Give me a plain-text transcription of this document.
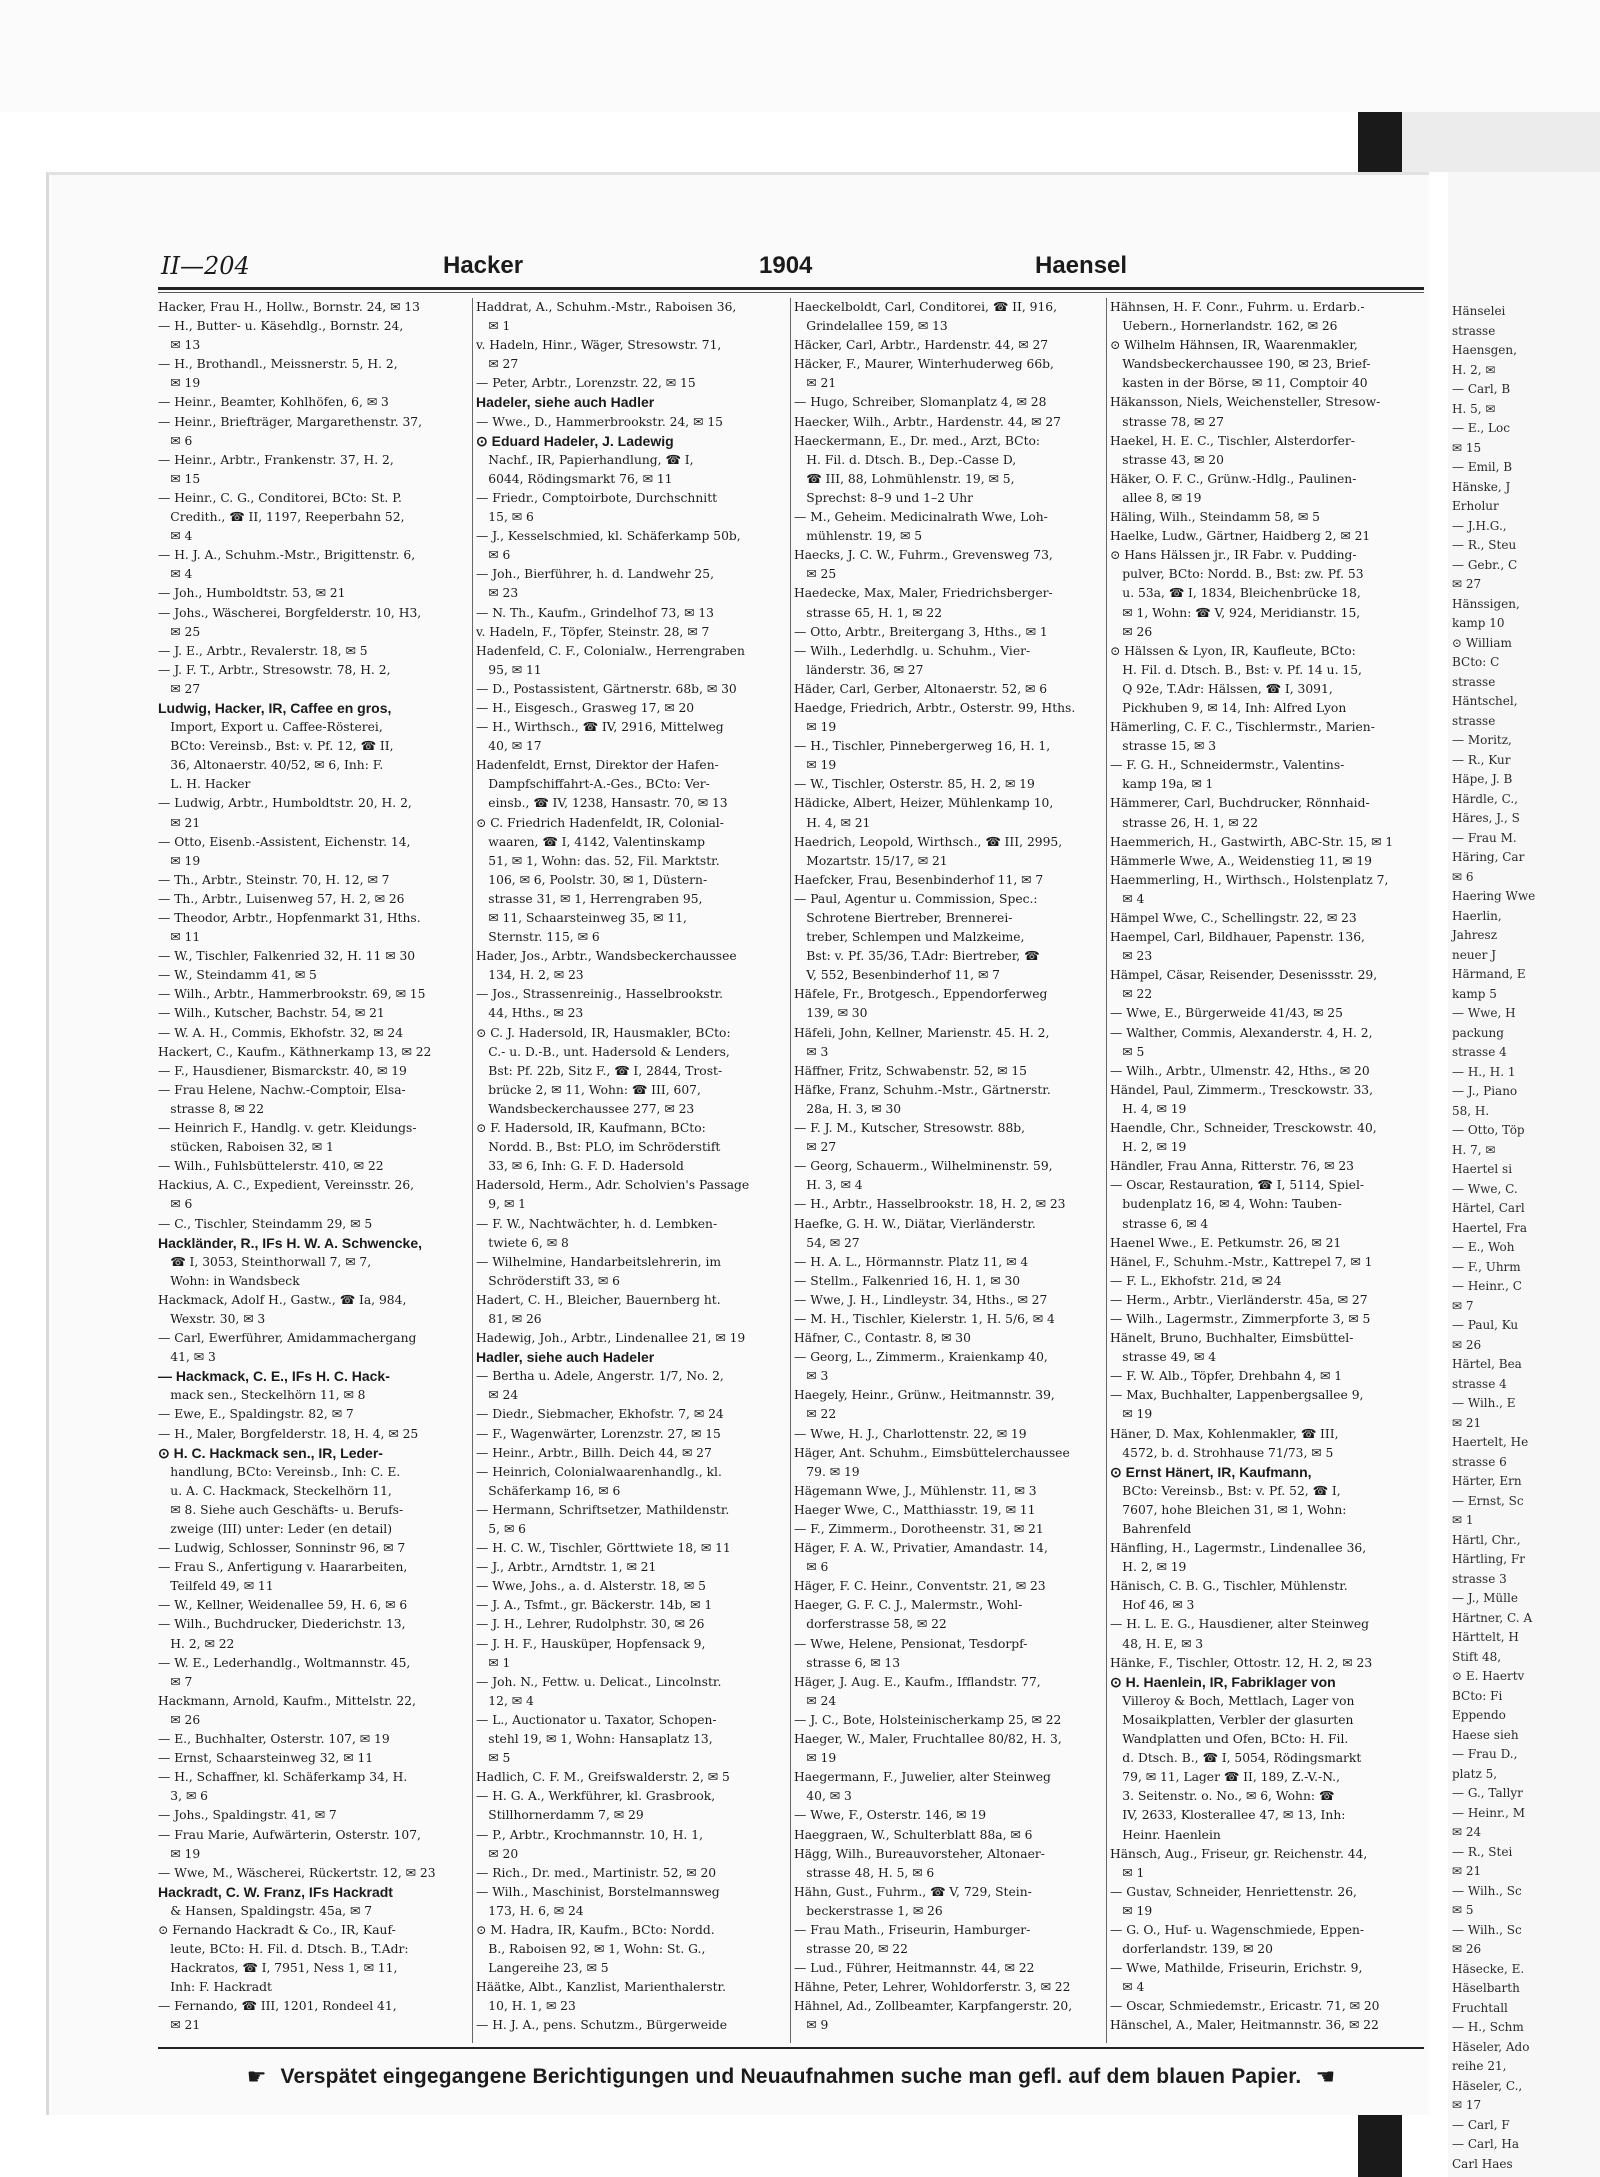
Hänselei
strasse
Haensgen,
H. 2, ✉
— Carl, B
H. 5, ✉
— E., Loc
✉ 15
— Emil, B
Hänske, J
Erholur
— J.H.G.,
— R., Steu
— Gebr., C
✉ 27
Hänssigen,
kamp 10
⊙ William
BCto: C
strasse
Häntschel,
strasse
— Moritz,
— R., Kur
Häpe, J. B
Härdle, C.,
Häres, J., S
— Frau M.
Häring, Car
✉ 6
Haering Wwe
Haerlin,
Jahresz
neuer J
Härmand, E
kamp 5
— Wwe, H
packung
strasse 4
— H., H. 1
— J., Piano
58, H.
— Otto, Töp
H. 7, ✉
Haertel si
— Wwe, C.
Härtel, Carl
Haertel, Fra
— E., Woh
— F., Uhrm
— Heinr., C
✉ 7
— Paul, Ku
✉ 26
Härtel, Bea
strasse 4
— Wilh., E
✉ 21
Haertelt, He
strasse 6
Härter, Ern
— Ernst, Sc
✉ 1
Härtl, Chr.,
Härtling, Fr
strasse 3
— J., Mülle
Härtner, C. A
Härttelt, H
Stift 48,
⊙ E. Haertv
BCto: Fi
Eppendo
Haese sieh
— Frau D.,
platz 5,
— G., Tallyr
— Heinr., M
✉ 24
— R., Stei
✉ 21
— Wilh., Sc
✉ 5
— Wilh., Sc
✉ 26
Häsecke, E.
Häselbarth
Fruchtall
— H., Schm
Häseler, Ado
reihe 21,
Häseler, C.,
✉ 17
— Carl, F
— Carl, Ha
Carl Haes
II—204	Hacker	1904	Haensel
Hacker, Frau H., Hollw., Bornstr. 24, ✉ 13
— H., Butter- u. Käsehdlg., Bornstr. 24,
 ✉ 13
— H., Brothandl., Meissnerstr. 5, H. 2,
 ✉ 19
— Heinr., Beamter, Kohlhöfen, 6, ✉ 3
— Heinr., Briefträger, Margarethenstr. 37,
 ✉ 6
— Heinr., Arbtr., Frankenstr. 37, H. 2,
 ✉ 15
— Heinr., C. G., Conditorei, BCto: St. P.
 Credith., ☎ II, 1197, Reeperbahn 52,
 ✉ 4
— H. J. A., Schuhm.-Mstr., Brigittenstr. 6,
 ✉ 4
— Joh., Humboldtstr. 53, ✉ 21
— Johs., Wäscherei, Borgfelderstr. 10, H3,
 ✉ 25
— J. E., Arbtr., Revalerstr. 18, ✉ 5
— J. F. T., Arbtr., Stresowstr. 78, H. 2,
 ✉ 27
Ludwig, Hacker, IR, Caffee en gros,
 Import, Export u. Caffee-Rösterei,
 BCto: Vereinsb., Bst: v. Pf. 12, ☎ II,
 36, Altonaerstr. 40/52, ✉ 6, Inh: F.
 L. H. Hacker
— Ludwig, Arbtr., Humboldtstr. 20, H. 2,
 ✉ 21
— Otto, Eisenb.-Assistent, Eichenstr. 14,
 ✉ 19
— Th., Arbtr., Steinstr. 70, H. 12, ✉ 7
— Th., Arbtr., Luisenweg 57, H. 2, ✉ 26
— Theodor, Arbtr., Hopfenmarkt 31, Hths.
 ✉ 11
— W., Tischler, Falkenried 32, H. 11 ✉ 30
— W., Steindamm 41, ✉ 5
— Wilh., Arbtr., Hammerbrookstr. 69, ✉ 15
— Wilh., Kutscher, Bachstr. 54, ✉ 21
— W. A. H., Commis, Ekhofstr. 32, ✉ 24
Hackert, C., Kaufm., Käthnerkamp 13, ✉ 22
— F., Hausdiener, Bismarckstr. 40, ✉ 19
— Frau Helene, Nachw.-Comptoir, Elsa-
 strasse 8, ✉ 22
— Heinrich F., Handlg. v. getr. Kleidungs-
 stücken, Raboisen 32, ✉ 1
— Wilh., Fuhlsbüttelerstr. 410, ✉ 22
Hackius, A. C., Expedient, Vereinsstr. 26,
 ✉ 6
— C., Tischler, Steindamm 29, ✉ 5
Hackländer, R., IFs H. W. A. Schwencke,
 ☎ I, 3053, Steinthorwall 7, ✉ 7,
 Wohn: in Wandsbeck
Hackmack, Adolf H., Gastw., ☎ Ia, 984,
 Wexstr. 30, ✉ 3
— Carl, Ewerführer, Amidammachergang
 41, ✉ 3
— Hackmack, C. E., IFs H. C. Hack-
 mack sen., Steckelhörn 11, ✉ 8
— Ewe, E., Spaldingstr. 82, ✉ 7
— H., Maler, Borgfelderstr. 18, H. 4, ✉ 25
⊙ H. C. Hackmack sen., IR, Leder-
 handlung, BCto: Vereinsb., Inh: C. E.
 u. A. C. Hackmack, Steckelhörn 11,
 ✉ 8. Siehe auch Geschäfts- u. Berufs-
 zweige (III) unter: Leder (en detail)
— Ludwig, Schlosser, Sonninstr 96, ✉ 7
— Frau S., Anfertigung v. Haararbeiten,
 Teilfeld 49, ✉ 11
— W., Kellner, Weidenallee 59, H. 6, ✉ 6
— Wilh., Buchdrucker, Diederichstr. 13,
 H. 2, ✉ 22
— W. E., Lederhandlg., Woltmannstr. 45,
 ✉ 7
Hackmann, Arnold, Kaufm., Mittelstr. 22,
 ✉ 26
— E., Buchhalter, Osterstr. 107, ✉ 19
— Ernst, Schaarsteinweg 32, ✉ 11
— H., Schaffner, kl. Schäferkamp 34, H.
 3, ✉ 6
— Johs., Spaldingstr. 41, ✉ 7
— Frau Marie, Aufwärterin, Osterstr. 107,
 ✉ 19
— Wwe, M., Wäscherei, Rückertstr. 12, ✉ 23
Hackradt, C. W. Franz, IFs Hackradt
 & Hansen, Spaldingstr. 45a, ✉ 7
⊙ Fernando Hackradt & Co., IR, Kauf-
 leute, BCto: H. Fil. d. Dtsch. B., T.Adr:
 Hackratos, ☎ I, 7951, Ness 1, ✉ 11,
 Inh: F. Hackradt
— Fernando, ☎ III, 1201, Rondeel 41,
 ✉ 21
Haddrat, A., Schuhm.-Mstr., Raboisen 36,
 ✉ 1
v. Hadeln, Hinr., Wäger, Stresowstr. 71,
 ✉ 27
— Peter, Arbtr., Lorenzstr. 22, ✉ 15
Hadeler, siehe auch Hadler
— Wwe., D., Hammerbrookstr. 24, ✉ 15
⊙ Eduard Hadeler, J. Ladewig
 Nachf., IR, Papierhandlung, ☎ I,
 6044, Rödingsmarkt 76, ✉ 11
— Friedr., Comptoirbote, Durchschnitt
 15, ✉ 6
— J., Kesselschmied, kl. Schäferkamp 50b,
 ✉ 6
— Joh., Bierführer, h. d. Landwehr 25,
 ✉ 23
— N. Th., Kaufm., Grindelhof 73, ✉ 13
v. Hadeln, F., Töpfer, Steinstr. 28, ✉ 7
Hadenfeld, C. F., Colonialw., Herrengraben
 95, ✉ 11
— D., Postassistent, Gärtnerstr. 68b, ✉ 30
— H., Eisgesch., Grasweg 17, ✉ 20
— H., Wirthsch., ☎ IV, 2916, Mittelweg
 40, ✉ 17
Hadenfeldt, Ernst, Direktor der Hafen-
 Dampfschiffahrt-A.-Ges., BCto: Ver-
 einsb., ☎ IV, 1238, Hansastr. 70, ✉ 13
⊙ C. Friedrich Hadenfeldt, IR, Colonial-
 waaren, ☎ I, 4142, Valentinskamp
 51, ✉ 1, Wohn: das. 52, Fil. Marktstr.
 106, ✉ 6, Poolstr. 30, ✉ 1, Düstern-
 strasse 31, ✉ 1, Herrengraben 95,
 ✉ 11, Schaarsteinweg 35, ✉ 11,
 Sternstr. 115, ✉ 6
Hader, Jos., Arbtr., Wandsbeckerchaussee
 134, H. 2, ✉ 23
— Jos., Strassenreinig., Hasselbrookstr.
 44, Hths., ✉ 23
⊙ C. J. Hadersold, IR, Hausmakler, BCto:
 C.- u. D.-B., unt. Hadersold & Lenders,
 Bst: Pf. 22b, Sitz F., ☎ I, 2844, Trost-
 brücke 2, ✉ 11, Wohn: ☎ III, 607,
 Wandsbeckerchaussee 277, ✉ 23
⊙ F. Hadersold, IR, Kaufmann, BCto:
 Nordd. B., Bst: PLO, im Schröderstift
 33, ✉ 6, Inh: G. F. D. Hadersold
Hadersold, Herm., Adr. Scholvien's Passage
 9, ✉ 1
— F. W., Nachtwächter, h. d. Lembken-
 twiete 6, ✉ 8
— Wilhelmine, Handarbeitslehrerin, im
 Schröderstift 33, ✉ 6
Hadert, C. H., Bleicher, Bauernberg ht.
 81, ✉ 26
Hadewig, Joh., Arbtr., Lindenallee 21, ✉ 19
Hadler, siehe auch Hadeler
— Bertha u. Adele, Angerstr. 1/7, No. 2,
 ✉ 24
— Diedr., Siebmacher, Ekhofstr. 7, ✉ 24
— F., Wagenwärter, Lorenzstr. 27, ✉ 15
— Heinr., Arbtr., Billh. Deich 44, ✉ 27
— Heinrich, Colonialwaarenhandlg., kl.
 Schäferkamp 16, ✉ 6
— Hermann, Schriftsetzer, Mathildenstr.
 5, ✉ 6
— H. C. W., Tischler, Görttwiete 18, ✉ 11
— J., Arbtr., Arndtstr. 1, ✉ 21
— Wwe, Johs., a. d. Alsterstr. 18, ✉ 5
— J. A., Tsfmt., gr. Bäckerstr. 14b, ✉ 1
— J. H., Lehrer, Rudolphstr. 30, ✉ 26
— J. H. F., Hausküper, Hopfensack 9,
 ✉ 1
— Joh. N., Fettw. u. Delicat., Lincolnstr.
 12, ✉ 4
— L., Auctionator u. Taxator, Schopen-
 stehl 19, ✉ 1, Wohn: Hansaplatz 13,
 ✉ 5
Hadlich, C. F. M., Greifswalderstr. 2, ✉ 5
— H. G. A., Werkführer, kl. Grasbrook,
 Stillhornerdamm 7, ✉ 29
— P., Arbtr., Krochmannstr. 10, H. 1,
 ✉ 20
— Rich., Dr. med., Martinistr. 52, ✉ 20
— Wilh., Maschinist, Borstelmannsweg
 173, H. 6, ✉ 24
⊙ M. Hadra, IR, Kaufm., BCto: Nordd.
 B., Raboisen 92, ✉ 1, Wohn: St. G.,
 Langereihe 23, ✉ 5
Häätke, Albt., Kanzlist, Marienthalerstr.
 10, H. 1, ✉ 23
— H. J. A., pens. Schutzm., Bürgerweide
Haeckelboldt, Carl, Conditorei, ☎ II, 916,
 Grindelallee 159, ✉ 13
Häcker, Carl, Arbtr., Hardenstr. 44, ✉ 27
Häcker, F., Maurer, Winterhuderweg 66b,
 ✉ 21
— Hugo, Schreiber, Slomanplatz 4, ✉ 28
Haecker, Wilh., Arbtr., Hardenstr. 44, ✉ 27
Haeckermann, E., Dr. med., Arzt, BCto:
 H. Fil. d. Dtsch. B., Dep.-Casse D,
 ☎ III, 88, Lohmühlenstr. 19, ✉ 5,
 Sprechst: 8–9 und 1–2 Uhr
— M., Geheim. Medicinalrath Wwe, Loh-
 mühlenstr. 19, ✉ 5
Haecks, J. C. W., Fuhrm., Grevensweg 73,
 ✉ 25
Haedecke, Max, Maler, Friedrichsberger-
 strasse 65, H. 1, ✉ 22
— Otto, Arbtr., Breitergang 3, Hths., ✉ 1
— Wilh., Lederhdlg. u. Schuhm., Vier-
 länderstr. 36, ✉ 27
Häder, Carl, Gerber, Altonaerstr. 52, ✉ 6
Haedge, Friedrich, Arbtr., Osterstr. 99, Hths.
 ✉ 19
— H., Tischler, Pinnebergerweg 16, H. 1,
 ✉ 19
— W., Tischler, Osterstr. 85, H. 2, ✉ 19
Hädicke, Albert, Heizer, Mühlenkamp 10,
 H. 4, ✉ 21
Haedrich, Leopold, Wirthsch., ☎ III, 2995,
 Mozartstr. 15/17, ✉ 21
Haefcker, Frau, Besenbinderhof 11, ✉ 7
— Paul, Agentur u. Commission, Spec.:
 Schrotene Biertreber, Brennerei-
 treber, Schlempen und Malzkeime,
 Bst: v. Pf. 35/36, T.Adr: Biertreber, ☎
 V, 552, Besenbinderhof 11, ✉ 7
Häfele, Fr., Brotgesch., Eppendorferweg
 139, ✉ 30
Häfeli, John, Kellner, Marienstr. 45. H. 2,
 ✉ 3
Häffner, Fritz, Schwabenstr. 52, ✉ 15
Häfke, Franz, Schuhm.-Mstr., Gärtnerstr.
 28a, H. 3, ✉ 30
— F. J. M., Kutscher, Stresowstr. 88b,
 ✉ 27
— Georg, Schauerm., Wilhelminenstr. 59,
 H. 3, ✉ 4
— H., Arbtr., Hasselbrookstr. 18, H. 2, ✉ 23
Haefke, G. H. W., Diätar, Vierländerstr.
 54, ✉ 27
— H. A. L., Hörmannstr. Platz 11, ✉ 4
— Stellm., Falkenried 16, H. 1, ✉ 30
— Wwe, J. H., Lindleystr. 34, Hths., ✉ 27
— M. H., Tischler, Kielerstr. 1, H. 5/6, ✉ 4
Häfner, C., Contastr. 8, ✉ 30
— Georg, L., Zimmerm., Kraienkamp 40,
 ✉ 3
Haegely, Heinr., Grünw., Heitmannstr. 39,
 ✉ 22
— Wwe, H. J., Charlottenstr. 22, ✉ 19
Häger, Ant. Schuhm., Eimsbüttelerchaussee
 79. ✉ 19
Hägemann Wwe, J., Mühlenstr. 11, ✉ 3
Haeger Wwe, C., Matthiasstr. 19, ✉ 11
— F., Zimmerm., Dorotheenstr. 31, ✉ 21
Häger, F. A. W., Privatier, Amandastr. 14,
 ✉ 6
Häger, F. C. Heinr., Conventstr. 21, ✉ 23
Haeger, G. F. C. J., Malermstr., Wohl-
 dorferstrasse 58, ✉ 22
— Wwe, Helene, Pensionat, Tesdorpf-
 strasse 6, ✉ 13
Häger, J. Aug. E., Kaufm., Ifflandstr. 77,
 ✉ 24
— J. C., Bote, Holsteinischerkamp 25, ✉ 22
Haeger, W., Maler, Fruchtallee 80/82, H. 3,
 ✉ 19
Haegermann, F., Juwelier, alter Steinweg
 40, ✉ 3
— Wwe, F., Osterstr. 146, ✉ 19
Haeggraen, W., Schulterblatt 88a, ✉ 6
Hägg, Wilh., Bureauvorsteher, Altonaer-
 strasse 48, H. 5, ✉ 6
Hähn, Gust., Fuhrm., ☎ V, 729, Stein-
 beckerstrasse 1, ✉ 26
— Frau Math., Friseurin, Hamburger-
 strasse 20, ✉ 22
— Lud., Führer, Heitmannstr. 44, ✉ 22
Hähne, Peter, Lehrer, Wohldorferstr. 3, ✉ 22
Hähnel, Ad., Zollbeamter, Karpfangerstr. 20,
 ✉ 9
Hähnsen, H. F. Conr., Fuhrm. u. Erdarb.-
 Uebern., Hornerlandstr. 162, ✉ 26
⊙ Wilhelm Hähnsen, IR, Waarenmakler,
 Wandsbeckerchaussee 190, ✉ 23, Brief-
 kasten in der Börse, ✉ 11, Comptoir 40
Häkansson, Niels, Weichensteller, Stresow-
 strasse 78, ✉ 27
Haekel, H. E. C., Tischler, Alsterdorfer-
 strasse 43, ✉ 20
Häker, O. F. C., Grünw.-Hdlg., Paulinen-
 allee 8, ✉ 19
Häling, Wilh., Steindamm 58, ✉ 5
Haelke, Ludw., Gärtner, Haidberg 2, ✉ 21
⊙ Hans Hälssen jr., IR Fabr. v. Pudding-
 pulver, BCto: Nordd. B., Bst: zw. Pf. 53
 u. 53a, ☎ I, 1834, Bleichenbrücke 18,
 ✉ 1, Wohn: ☎ V, 924, Meridianstr. 15,
 ✉ 26
⊙ Hälssen & Lyon, IR, Kaufleute, BCto:
 H. Fil. d. Dtsch. B., Bst: v. Pf. 14 u. 15,
 Q 92e, T.Adr: Hälssen, ☎ I, 3091,
 Pickhuben 9, ✉ 14, Inh: Alfred Lyon
Hämerling, C. F. C., Tischlermstr., Marien-
 strasse 15, ✉ 3
— F. G. H., Schneidermstr., Valentins-
 kamp 19a, ✉ 1
Hämmerer, Carl, Buchdrucker, Rönnhaid-
 strasse 26, H. 1, ✉ 22
Haemmerich, H., Gastwirth, ABC-Str. 15, ✉ 1
Hämmerle Wwe, A., Weidenstieg 11, ✉ 19
Haemmerling, H., Wirthsch., Holstenplatz 7,
 ✉ 4
Hämpel Wwe, C., Schellingstr. 22, ✉ 23
Haempel, Carl, Bildhauer, Papenstr. 136,
 ✉ 23
Hämpel, Cäsar, Reisender, Desenissstr. 29,
 ✉ 22
— Wwe, E., Bürgerweide 41/43, ✉ 25
— Walther, Commis, Alexanderstr. 4, H. 2,
 ✉ 5
— Wilh., Arbtr., Ulmenstr. 42, Hths., ✉ 20
Händel, Paul, Zimmerm., Tresckowstr. 33,
 H. 4, ✉ 19
Haendle, Chr., Schneider, Tresckowstr. 40,
 H. 2, ✉ 19
Händler, Frau Anna, Ritterstr. 76, ✉ 23
— Oscar, Restauration, ☎ I, 5114, Spiel-
 budenplatz 16, ✉ 4, Wohn: Tauben-
 strasse 6, ✉ 4
Haenel Wwe., E. Petkumstr. 26, ✉ 21
Hänel, F., Schuhm.-Mstr., Kattrepel 7, ✉ 1
— F. L., Ekhofstr. 21d, ✉ 24
— Herm., Arbtr., Vierländerstr. 45a, ✉ 27
— Wilh., Lagermstr., Zimmerpforte 3, ✉ 5
Hänelt, Bruno, Buchhalter, Eimsbüttel-
 strasse 49, ✉ 4
— F. W. Alb., Töpfer, Drehbahn 4, ✉ 1
— Max, Buchhalter, Lappenbergsallee 9,
 ✉ 19
Häner, D. Max, Kohlenmakler, ☎ III,
 4572, b. d. Strohhause 71/73, ✉ 5
⊙ Ernst Hänert, IR, Kaufmann,
 BCto: Vereinsb., Bst: v. Pf. 52, ☎ I,
 7607, hohe Bleichen 31, ✉ 1, Wohn:
 Bahrenfeld
Hänfling, H., Lagermstr., Lindenallee 36,
 H. 2, ✉ 19
Hänisch, C. B. G., Tischler, Mühlenstr.
 Hof 46, ✉ 3
— H. L. E. G., Hausdiener, alter Steinweg
 48, H. E, ✉ 3
Hänke, F., Tischler, Ottostr. 12, H. 2, ✉ 23
⊙ H. Haenlein, IR, Fabriklager von
 Villeroy & Boch, Mettlach, Lager von
 Mosaikplatten, Verbler der glasurten
 Wandplatten und Ofen, BCto: H. Fil.
 d. Dtsch. B., ☎ I, 5054, Rödingsmarkt
 79, ✉ 11, Lager ☎ II, 189, Z.-V.-N.,
 3. Seitenstr. o. No., ✉ 6, Wohn: ☎
 IV, 2633, Klosterallee 47, ✉ 13, Inh:
 Heinr. Haenlein
Hänsch, Aug., Friseur, gr. Reichenstr. 44,
 ✉ 1
— Gustav, Schneider, Henriettenstr. 26,
 ✉ 19
— G. O., Huf- u. Wagenschmiede, Eppen-
 dorferlandstr. 139, ✉ 20
— Wwe, Mathilde, Friseurin, Erichstr. 9,
 ✉ 4
— Oscar, Schmiedemstr., Ericastr. 71, ✉ 20
Hänschel, A., Maler, Heitmannstr. 36, ✉ 22
☛ Verspätet eingegangene Berichtigungen und Neuaufnahmen suche man gefl. auf dem blauen Papier. ☚
